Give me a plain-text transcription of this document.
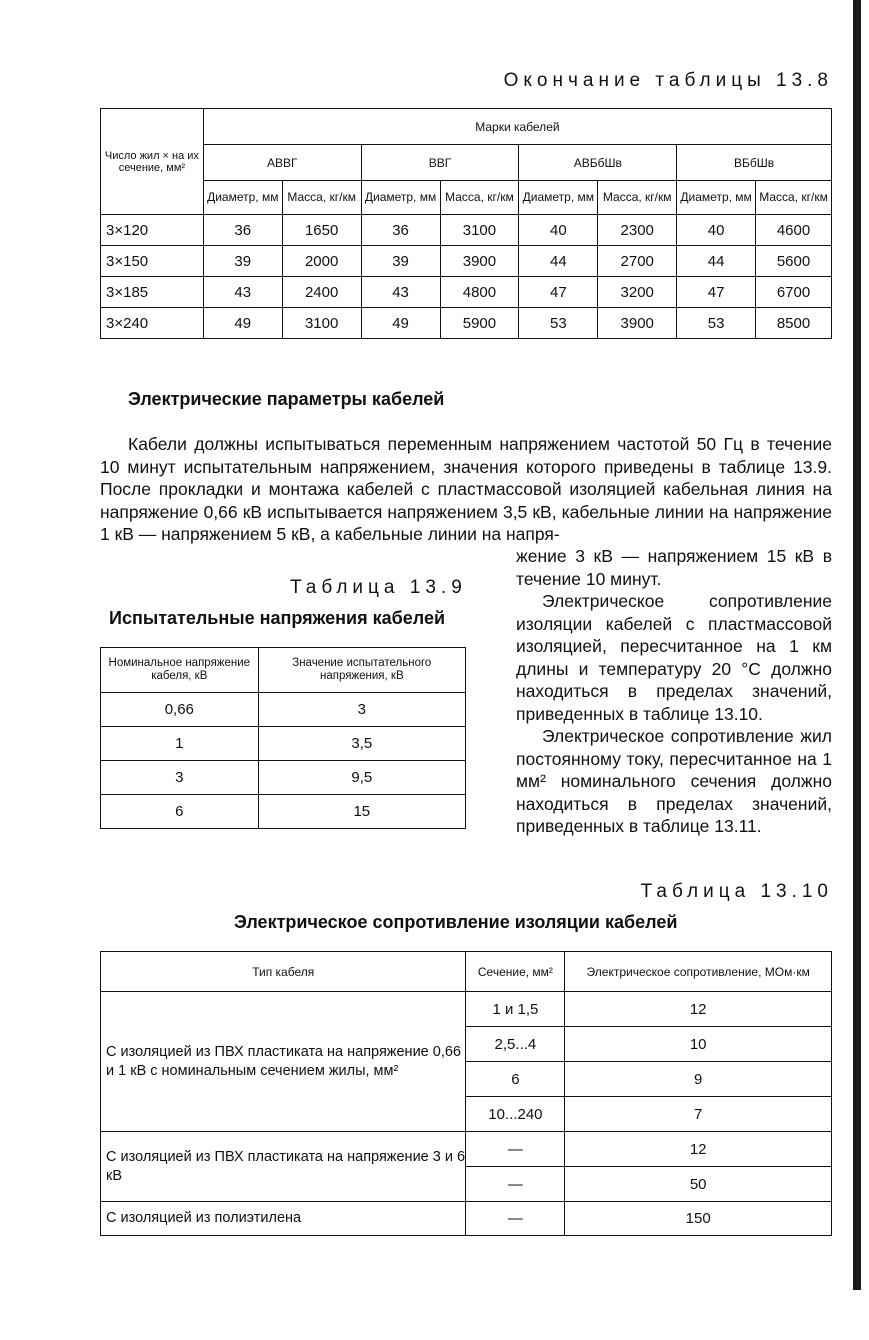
Окончание таблицы 13.8
Число жил × на их сечение, мм²	Марки кабелей							
	АВВГ		ВВГ		АВБбШв		ВБбШв	
	Диаметр, мм	Масса, кг/км	Диаметр, мм	Масса, кг/км	Диаметр, мм	Масса, кг/км	Диаметр, мм	Масса, кг/км
3×120	36	1650	36	3100	40	2300	40	4600
3×150	39	2000	39	3900	44	2700	44	5600
3×185	43	2400	43	4800	47	3200	47	6700
3×240	49	3100	49	5900	53	3900	53	8500
Электрические параметры кабелей
Кабели должны испытываться переменным напряжением частотой 50 Гц в течение 10 минут испытательным напряжением, значения которого приведены в таблице 13.9. После прокладки и монтажа кабелей с пластмассовой изоляцией кабельная линия на напряжение 0,66 кВ испытывается напряжением 3,5 кВ, кабельные линии на напряжение 1 кВ — напряжением 5 кВ, а кабельные линии на напря-
Таблица 13.9
Испытательные напряжения кабелей
Номинальное напряжение кабеля, кВ	Значение испытательного напряжения, кВ
0,66	3
1	3,5
3	9,5
6	15
жение 3 кВ — напряжением 15 кВ в течение 10 минут.
Электрическое сопротивление изоляции кабелей с пластмассовой изоляцией, пересчитанное на 1 км длины и температуру 20 °С должно находиться в пределах значений, приведенных в таблице 13.10.
Электрическое сопротивление жил постоянному току, пересчитанное на 1 мм² номинального сечения должно находиться в пределах значений, приведенных в таблице 13.11.
Таблица 13.10
Электрическое сопротивление изоляции кабелей
Тип кабеля	Сечение, мм²	Электрическое сопротивление, МОм·км
С изоляцией из ПВХ пластиката на напряжение 0,66 и 1 кВ с номинальным сечением жилы, мм²	1 и 1,5	12
	2,5...4	10
	6	9
	10...240	7
С изоляцией из ПВХ пластиката на напряжение 3 и 6 кВ	—	12
	—	50
С изоляцией из полиэтилена	—	150
